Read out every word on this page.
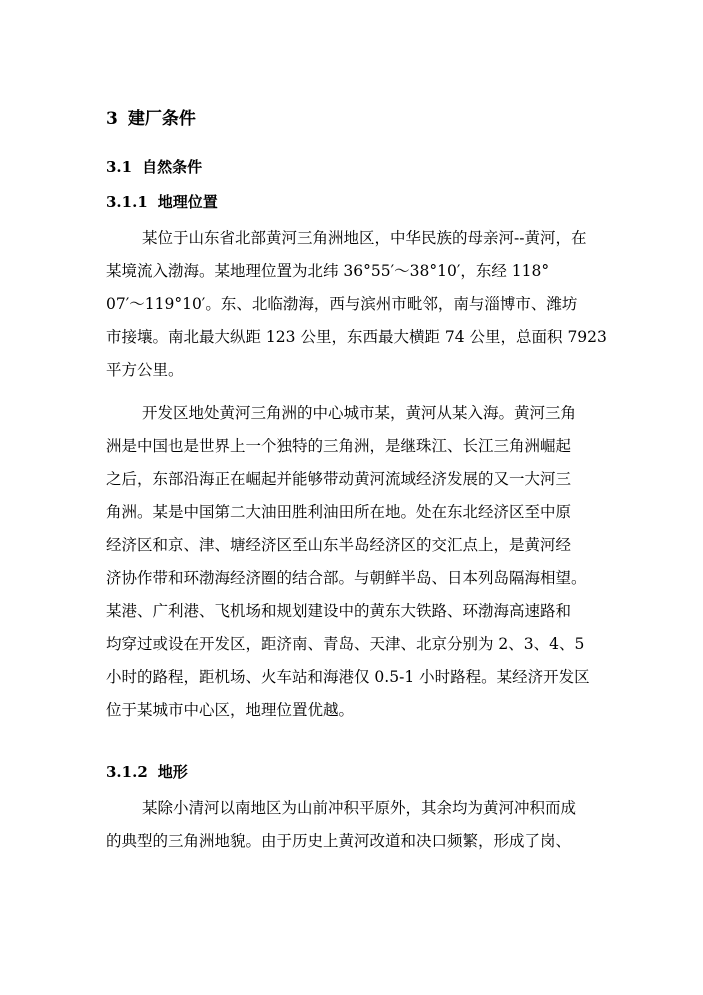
3 建厂条件
3.1 自然条件
3.1.1 地理位置
某位于山东省北部黄河三角洲地区，中华民族的母亲河--黄河，在
某境流入渤海。某地理位置为北纬 36°55′～38°10′，东经 118°
07′～119°10′。东、北临渤海，西与滨州市毗邻，南与淄博市、潍坊
市接壤。南北最大纵距 123 公里，东西最大横距 74 公里，总面积 7923
平方公里。
开发区地处黄河三角洲的中心城市某，黄河从某入海。黄河三角
洲是中国也是世界上一个独特的三角洲，是继珠江、长江三角洲崛起
之后，东部沿海正在崛起并能够带动黄河流域经济发展的又一大河三
角洲。某是中国第二大油田胜利油田所在地。处在东北经济区至中原
经济区和京、津、塘经济区至山东半岛经济区的交汇点上，是黄河经
济协作带和环渤海经济圈的结合部。与朝鲜半岛、日本列岛隔海相望。
某港、广利港、飞机场和规划建设中的黄东大铁路、环渤海高速路和
均穿过或设在开发区，距济南、青岛、天津、北京分别为 2、3、4、5
小时的路程，距机场、火车站和海港仅 0.5-1 小时路程。某经济开发区
位于某城市中心区，地理位置优越。
3.1.2 地形
某除小清河以南地区为山前冲积平原外，其余均为黄河冲积而成
的典型的三角洲地貌。由于历史上黄河改道和决口频繁，形成了岗、
